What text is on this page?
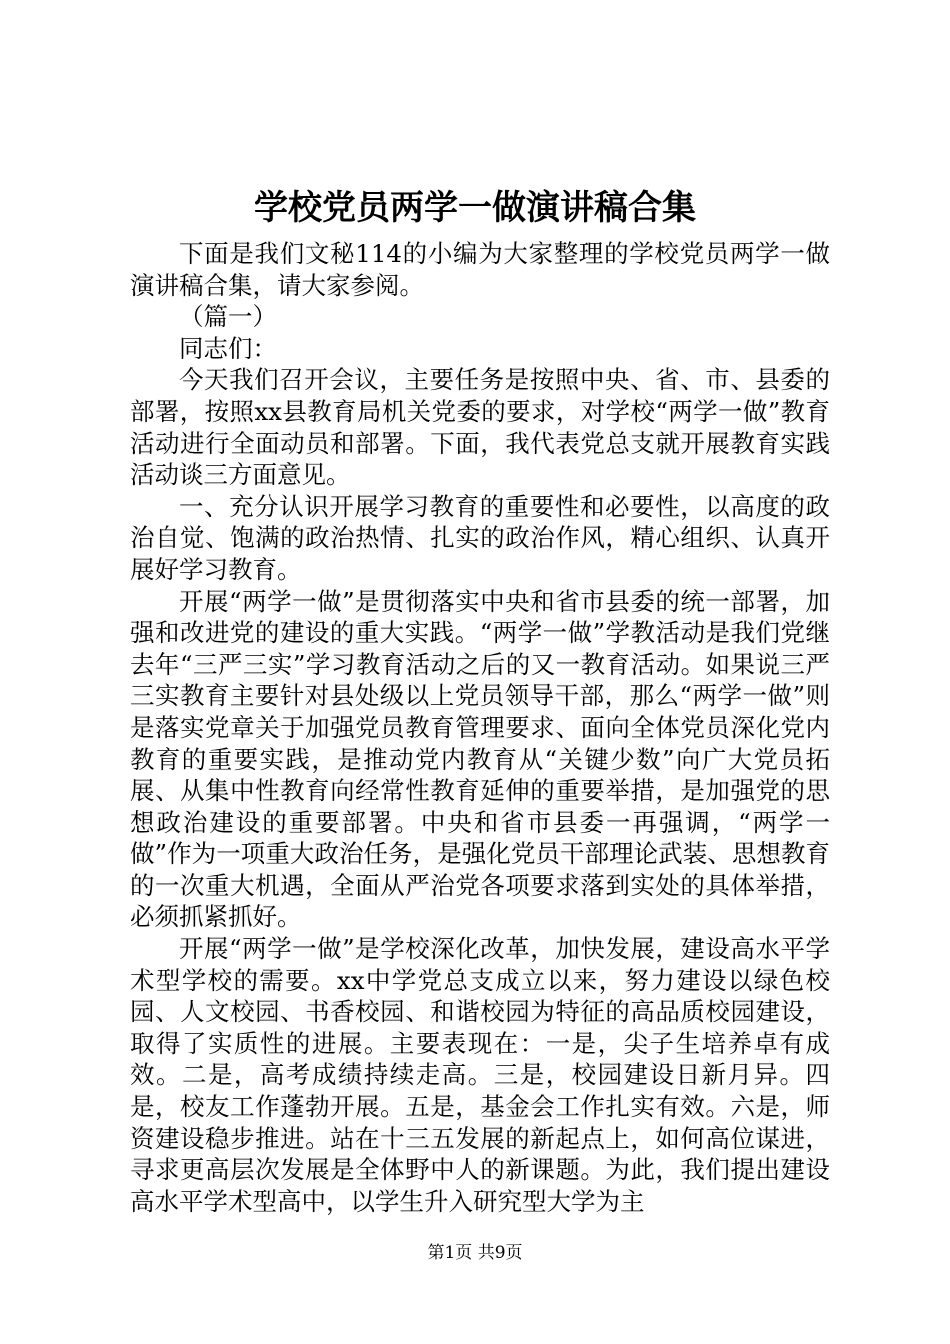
学校党员两学一做演讲稿合集

下面是我们文秘114的小编为大家整理的学校党员两学一做演讲稿合集，请大家参阅。

（篇一）

同志们：

今天我们召开会议，主要任务是按照中央、省、市、县委的部署，按照xx县教育局机关党委的要求，对学校“两学一做”教育活动进行全面动员和部署。下面，我代表党总支就开展教育实践活动谈三方面意见。

一、充分认识开展学习教育的重要性和必要性，以高度的政治自觉、饱满的政治热情、扎实的政治作风，精心组织、认真开展好学习教育。

开展“两学一做”是贯彻落实中央和省市县委的统一部署，加强和改进党的建设的重大实践。“两学一做”学教活动是我们党继去年“三严三实”学习教育活动之后的又一教育活动。如果说三严三实教育主要针对县处级以上党员领导干部，那么“两学一做”则是落实党章关于加强党员教育管理要求、面向全体党员深化党内教育的重要实践，是推动党内教育从“关键少数”向广大党员拓展、从集中性教育向经常性教育延伸的重要举措，是加强党的思想政治建设的重要部署。中央和省市县委一再强调，“两学一做”作为一项重大政治任务，是强化党员干部理论武装、思想教育的一次重大机遇，全面从严治党各项要求落到实处的具体举措，必须抓紧抓好。

开展“两学一做”是学校深化改革，加快发展，建设高水平学术型学校的需要。xx中学党总支成立以来，努力建设以绿色校园、人文校园、书香校园、和谐校园为特征的高品质校园建设，取得了实质性的进展。主要表现在：一是，尖子生培养卓有成效。二是，高考成绩持续走高。三是，校园建设日新月异。四是，校友工作蓬勃开展。五是，基金会工作扎实有效。六是，师资建设稳步推进。站在十三五发展的新起点上，如何高位谋进，寻求更高层次发展是全体野中人的新课题。为此，我们提出建设高水平学术型高中，以学生升入研究型大学为主

第1页 共9页
